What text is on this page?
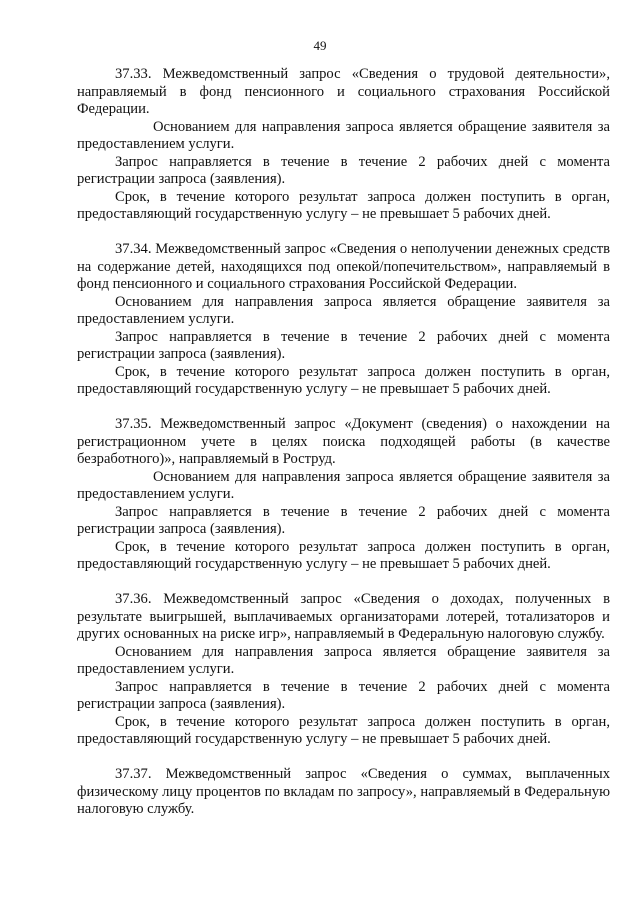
49

37.33. Межведомственный запрос «Сведения о трудовой деятельности», направляемый в фонд пенсионного и социального страхования Российской Федерации.

Основанием для направления запроса является обращение заявителя за предоставлением услуги.

Запрос направляется в течение в течение 2 рабочих дней с момента регистрации запроса (заявления).

Срок, в течение которого результат запроса должен поступить в орган, предоставляющий государственную услугу – не превышает 5 рабочих дней.

37.34. Межведомственный запрос «Сведения о неполучении денежных средств на содержание детей, находящихся под опекой/попечительством», направляемый в фонд пенсионного и социального страхования Российской Федерации.

Основанием для направления запроса является обращение заявителя за предоставлением услуги.

Запрос направляется в течение в течение 2 рабочих дней с момента регистрации запроса (заявления).

Срок, в течение которого результат запроса должен поступить в орган, предоставляющий государственную услугу – не превышает 5 рабочих дней.

37.35. Межведомственный запрос «Документ (сведения) о нахождении на регистрационном учете в целях поиска подходящей работы (в качестве безработного)», направляемый в Роструд.

Основанием для направления запроса является обращение заявителя за предоставлением услуги.

Запрос направляется в течение в течение 2 рабочих дней с момента регистрации запроса (заявления).

Срок, в течение которого результат запроса должен поступить в орган, предоставляющий государственную услугу – не превышает 5 рабочих дней.

37.36. Межведомственный запрос «Сведения о доходах, полученных в результате выигрышей, выплачиваемых организаторами лотерей, тотализаторов и других основанных на риске игр», направляемый в Федеральную налоговую службу.

Основанием для направления запроса является обращение заявителя за предоставлением услуги.

Запрос направляется в течение в течение 2 рабочих дней с момента регистрации запроса (заявления).

Срок, в течение которого результат запроса должен поступить в орган, предоставляющий государственную услугу – не превышает 5 рабочих дней.

37.37. Межведомственный запрос «Сведения о суммах, выплаченных физическому лицу процентов по вкладам по запросу», направляемый в Федеральную налоговую службу.
